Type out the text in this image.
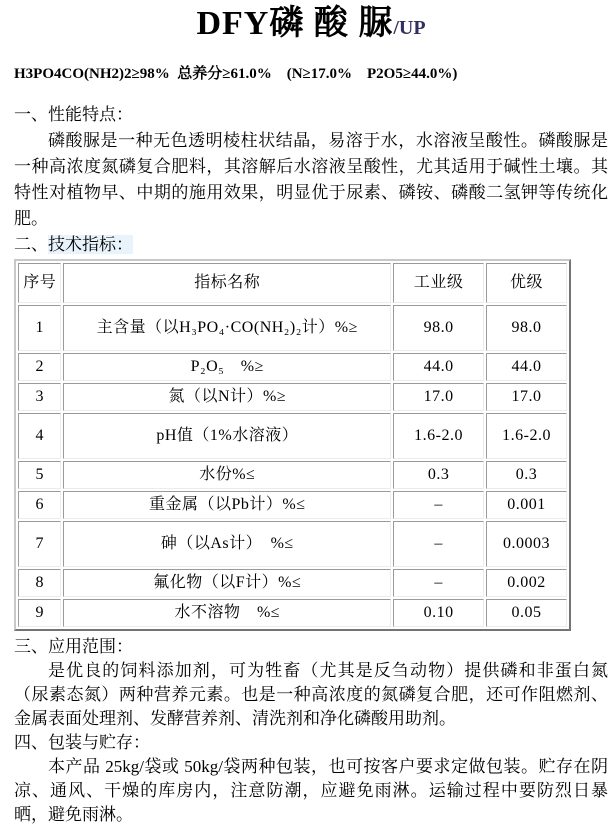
DFY磷 酸 脲/UP
H3PO4CO(NH2)2≥98%  总养分≥61.0%    (N≥17.0%    P2O5≥44.0%)
一、性能特点：

磷酸脲是一种无色透明棱柱状结晶，易溶于水，水溶液呈酸性。磷酸脲是一种高浓度氮磷复合肥料，其溶解后水溶液呈酸性，尤其适用于碱性土壤。其特性对植物早、中期的施用效果，明显优于尿素、磷铵、磷酸二氢钾等传统化肥。

二、技术指标：
序号	指标名称	工业级	优级
1	主含量（以H₃PO₄·CO(NH₂)₂计）%≥	98.0	98.0
2	P₂O₅　%≥	44.0	44.0
3	氮（以N计）%≥	17.0	17.0
4	pH值（1%水溶液）	1.6-2.0	1.6-2.0
5	水份%≤	0.3	0.3
6	重金属（以Pb计）%≤	–	0.001
7	砷（以As计）　%≤	–	0.0003
8	氟化物（以F计）%≤	–	0.002
9	水不溶物　%≤	0.10	0.05
三、应用范围：

是优良的饲料添加剂，可为牲畜（尤其是反刍动物）提供磷和非蛋白氮（尿素态氮）两种营养元素。也是一种高浓度的氮磷复合肥，还可作阻燃剂、金属表面处理剂、发酵营养剂、清洗剂和净化磷酸用助剂。

四、包装与贮存：

本产品 25kg/袋或 50kg/袋两种包装，也可按客户要求定做包装。贮存在阴凉、通风、干燥的库房内，注意防潮，应避免雨淋。运输过程中要防烈日暴晒，避免雨淋。
